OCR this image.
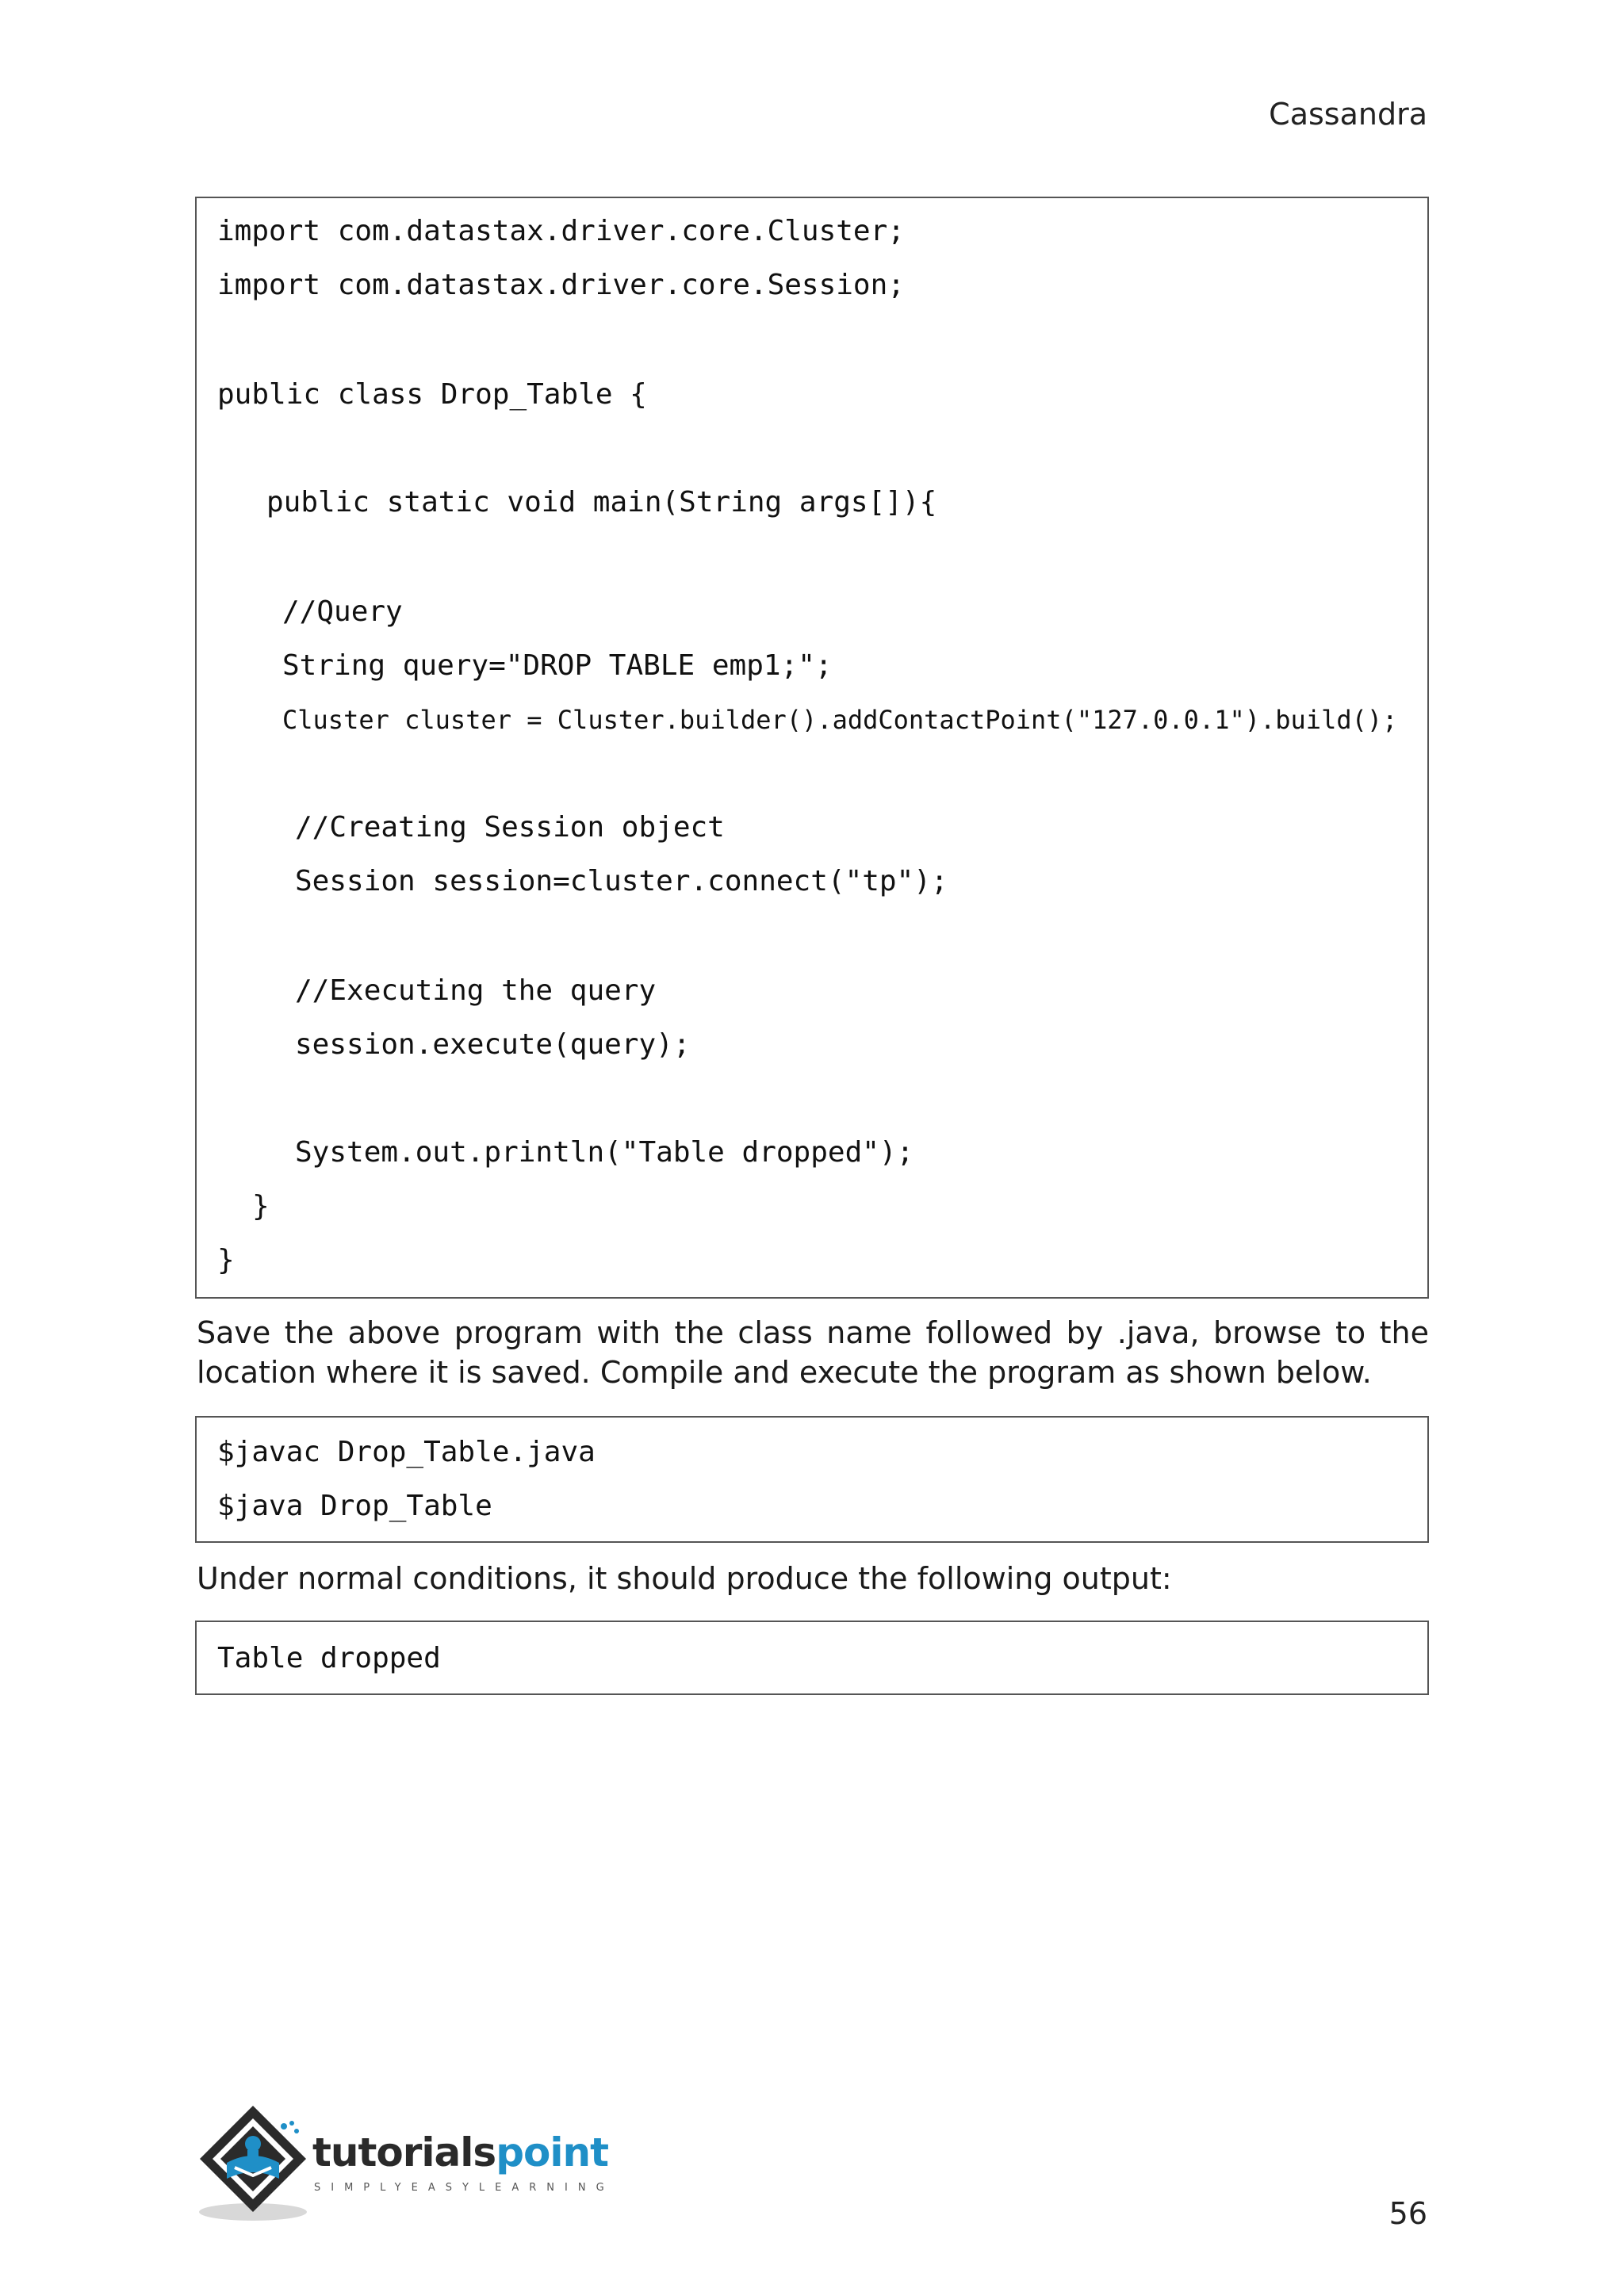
Cassandra
import com.datastax.driver.core.Cluster;
import com.datastax.driver.core.Session;
public class Drop_Table {
public static void main(String args[]){
//Query
String query="DROP TABLE emp1;";
Cluster cluster = Cluster.builder().addContactPoint("127.0.0.1").build();
//Creating Session object
Session session=cluster.connect("tp");
//Executing the query
session.execute(query);
System.out.println("Table dropped");
}
}
Save the above program with the class name followed by .java, browse to the location where it is saved. Compile and execute the program as shown below.
$javac Drop_Table.java
$java Drop_Table
Under normal conditions, it should produce the following output:
Table dropped
tutorialspoint
SIMPLYEASYLEARNING
56
